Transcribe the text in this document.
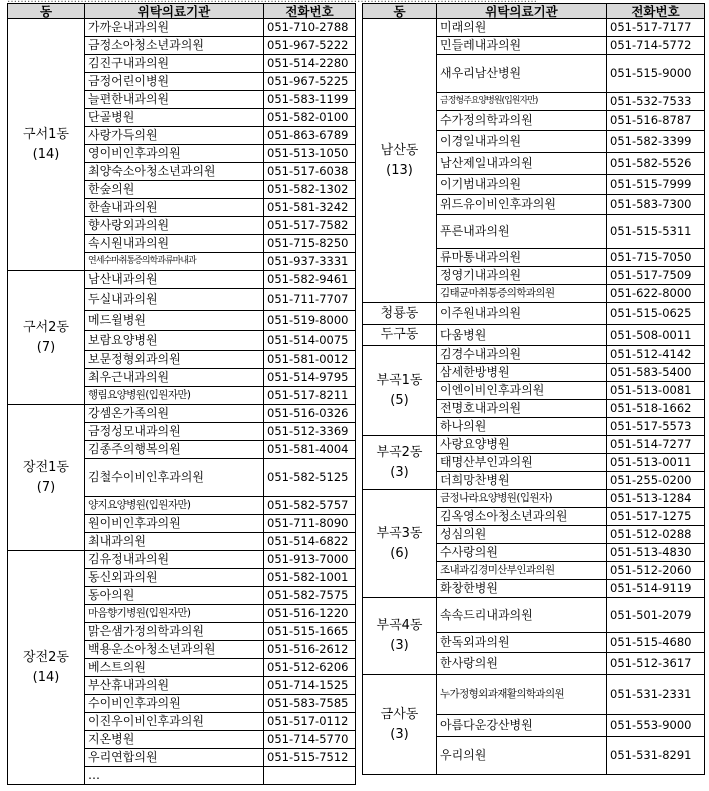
동	위탁의료기관	전화번호

구서1동
(14)	가까운내과의원	051-710-2788
	금정소아청소년과의원	051-967-5222
	김진구내과의원	051-514-2280
	금정어린이병원	051-967-5225
	늘편한내과의원	051-583-1199
	단골병원	051-582-0100
	사랑가득의원	051-863-6789
	영이비인후과의원	051-513-1050
	최양숙소아청소년과의원	051-517-6038
	한숲의원	051-582-1302
	한솔내과의원	051-581-3242
	향사랑외과의원	051-517-7582
	속시원내과의원	051-715-8250
	연세수마취통증의학과류마내과	051-937-3331

구서2동
(7)	남산내과의원	051-582-9461
	두실내과의원	051-711-7707
	메드윌병원	051-519-8000
	보람요양병원	051-514-0075
	보문정형외과의원	051-581-0012
	최우근내과의원	051-514-9795
	행림요양병원(입원자만)	051-517-8211

장전1동
(7)	강셈온가족의원	051-516-0326
	금정성모내과의원	051-512-3369
	김종주의행복의원	051-581-4004
	김철수이비인후과의원	051-582-5125
	양지요양병원(입원자만)	051-582-5757
	원이비인후과의원	051-711-8090
	최내과의원	051-514-6822

장전2동
(14)	김유정내과의원	051-913-7000
	동신외과의원	051-582-1001
	동아의원	051-582-7575
	마음향기병원(입원자만)	051-516-1220
	맑은샘가정의학과의원	051-515-1665
	백용운소아청소년과의원	051-516-2612
	베스트의원	051-512-6206
	부산휴내과의원	051-714-1525
	수이비인후과의원	051-583-7585
	이진우이비인후과의원	051-517-0112
	지온병원	051-714-5770
	우리연합의원	051-515-7512
	…	
동	위탁의료기관	전화번호

남산동
(13)	미래의원	051-517-7177
	민들레내과의원	051-714-5772
	새우리남산병원	051-515-9000
	금정형주요양병원(입원자만)	051-532-7533
	수가정의학과의원	051-516-8787
	이경일내과의원	051-582-3399
	남산제일내과의원	051-582-5526
	이기범내과의원	051-515-7999
	위드유이비인후과의원	051-583-7300
	푸른내과의원	051-515-5311
	류마통내과의원	051-715-7050
	정영기내과의원	051-517-7509
	김태균마취통증의학과의원	051-622-8000

청룡동	이주원내과의원	051-515-0625

두구동	다움병원	051-508-0011

부곡1동
(5)	김경수내과의원	051-512-4142
	삼세한방병원	051-583-5400
	이엔이비인후과의원	051-513-0081
	전명호내과의원	051-518-1662
	하나의원	051-517-5573

부곡2동
(3)	사랑요양병원	051-514-7277
	태명산부인과의원	051-513-0011
	더희망찬병원	051-255-0200

부곡3동
(6)	금정나라요양병원(입원자)	051-513-1284
	김옥영소아청소년과의원	051-517-1275
	성심의원	051-512-0288
	수사랑의원	051-513-4830
	조내과김경미산부인과의원	051-512-2060
	화창한병원	051-514-9119

부곡4동
(3)	속속드리내과의원	051-501-2079
	한독외과의원	051-515-4680
	한사랑의원	051-512-3617

금사동
(3)	누가정형외과재활의학과의원	051-531-2331
	아름다운강산병원	051-553-9000
	우리의원	051-531-8291
